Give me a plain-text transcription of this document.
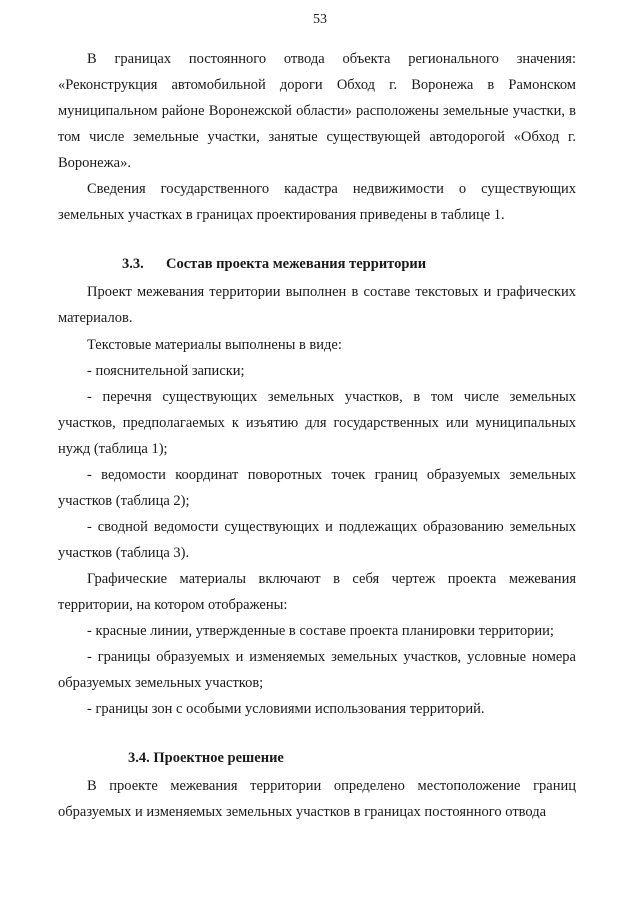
53

В границах постоянного отвода объекта регионального значения: «Реконструкция автомобильной дороги Обход г. Воронежа в Рамонском муниципальном районе Воронежской области» расположены земельные участки, в том числе земельные участки, занятые существующей автодорогой «Обход г. Воронежа».

Сведения государственного кадастра недвижимости о существующих земельных участках в границах проектирования приведены в таблице 1.

3.3. Состав проекта межевания территории

Проект межевания территории выполнен в составе текстовых и графических материалов.

Текстовые материалы выполнены в виде:

- пояснительной записки;

- перечня существующих земельных участков, в том числе земельных участков, предполагаемых к изъятию для государственных или муниципальных нужд (таблица 1);

- ведомости координат поворотных точек границ образуемых земельных участков (таблица 2);

- сводной ведомости существующих и подлежащих образованию земельных участков (таблица 3).

Графические материалы включают в себя чертеж проекта межевания территории, на котором отображены:

- красные линии, утвержденные в составе проекта планировки территории;

- границы образуемых и изменяемых земельных участков, условные номера образуемых земельных участков;

- границы зон с особыми условиями использования территорий.

3.4. Проектное решение

В проекте межевания территории определено местоположение границ образуемых и изменяемых земельных участков в границах постоянного отвода
